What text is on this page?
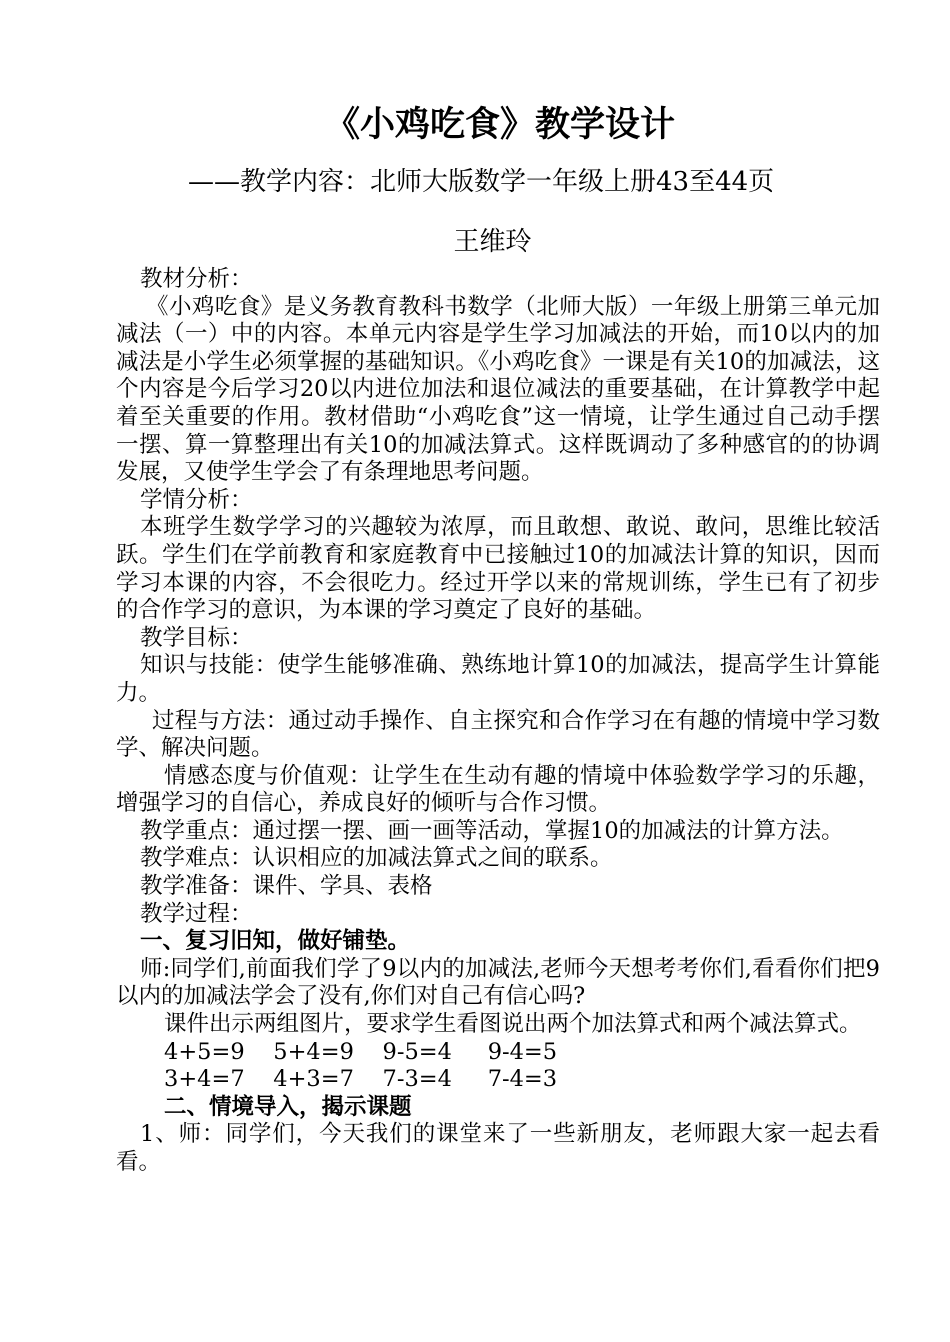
《小鸡吃食》教学设计

——教学内容：北师大版数学一年级上册43至44页

王维玲

教材分析：

《小鸡吃食》是义务教育教科书数学（北师大版）一年级上册第三单元加减法（一）中的内容。本单元内容是学生学习加减法的开始，而10以内的加减法是小学生必须掌握的基础知识。《小鸡吃食》一课是有关10的加减法，这个内容是今后学习20以内进位加法和退位减法的重要基础，在计算教学中起着至关重要的作用。教材借助“小鸡吃食”这一情境，让学生通过自己动手摆一摆、算一算整理出有关10的加减法算式。这样既调动了多种感官的的协调发展，又使学生学会了有条理地思考问题。

学情分析：

本班学生数学学习的兴趣较为浓厚，而且敢想、敢说、敢问，思维比较活跃。学生们在学前教育和家庭教育中已接触过10的加减法计算的知识，因而学习本课的内容，不会很吃力。经过开学以来的常规训练，学生已有了初步的合作学习的意识，为本课的学习奠定了良好的基础。

教学目标：

知识与技能：使学生能够准确、熟练地计算10的加减法，提高学生计算能力。

过程与方法：通过动手操作、自主探究和合作学习在有趣的情境中学习数学、解决问题。

情感态度与价值观：让学生在生动有趣的情境中体验数学学习的乐趣，增强学习的自信心，养成良好的倾听与合作习惯。

教学重点：通过摆一摆、画一画等活动，掌握10的加减法的计算方法。

教学难点：认识相应的加减法算式之间的联系。

教学准备：课件、学具、表格

教学过程：

一、复习旧知，做好铺垫。

师:同学们,前面我们学了9以内的加减法,老师今天想考考你们,看看你们把9以内的加减法学会了没有,你们对自己有信心吗?

课件出示两组图片，要求学生看图说出两个加法算式和两个减法算式。

4+5=9 5+4=9 9-5=4 9-4=5

3+4=7 4+3=7 7-3=4 7-4=3

二、情境导入，揭示课题

1、师：同学们，今天我们的课堂来了一些新朋友，老师跟大家一起去看看。
